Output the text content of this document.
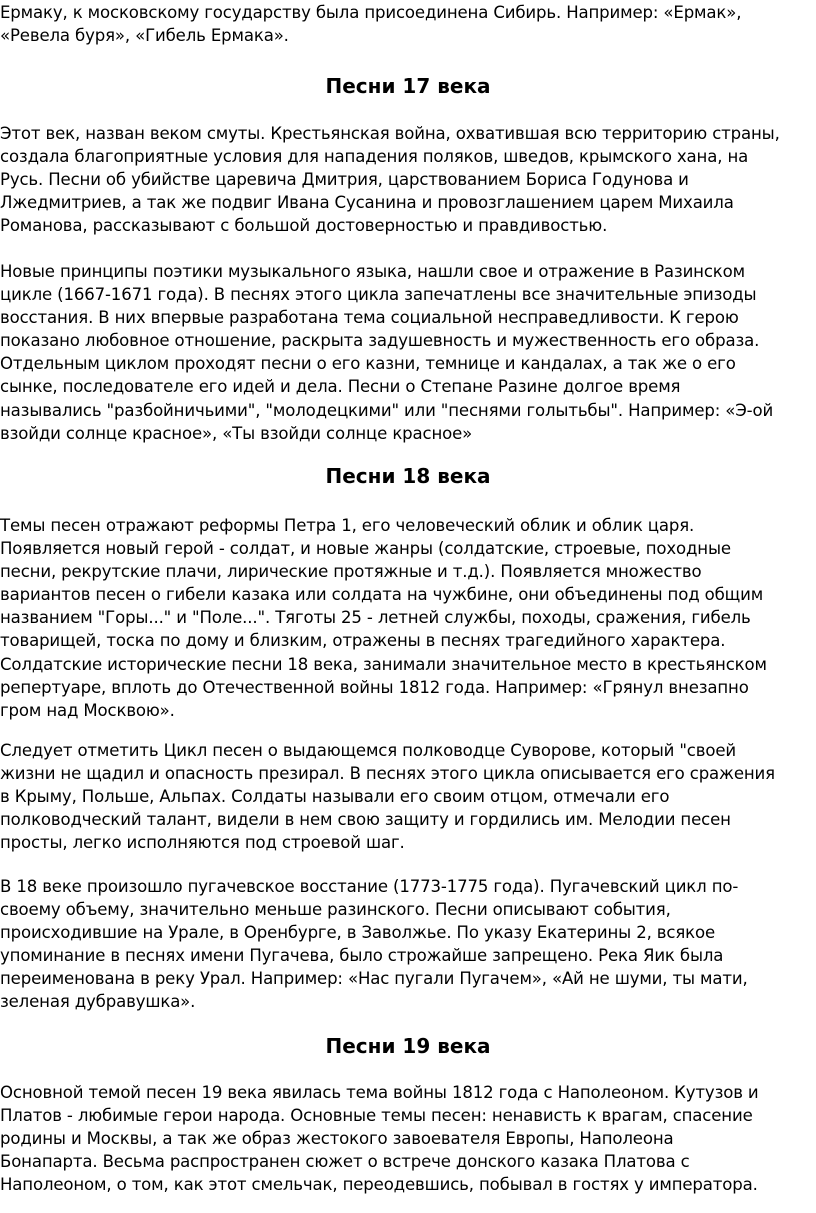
Ермаку, к московскому государству была присоединена Сибирь. Например: «Ермак»,
«Ревела буря», «Гибель Ермака».
Песни 17 века
Этот век, назван веком смуты. Крестьянская война, охватившая всю территорию страны,
создала благоприятные условия для нападения поляков, шведов, крымского хана, на
Русь. Песни об убийстве царевича Дмитрия, царствованием Бориса Годунова и
Лжедмитриев, а так же подвиг Ивана Сусанина и провозглашением царем Михаила
Романова, рассказывают с большой достоверностью и правдивостью.
Новые принципы поэтики музыкального языка, нашли свое и отражение в Разинском
цикле (1667-1671 года). В песнях этого цикла запечатлены все значительные эпизоды
восстания. В них впервые разработана тема социальной несправедливости. К герою
показано любовное отношение, раскрыта задушевность и мужественность его образа.
Отдельным циклом проходят песни о его казни, темнице и кандалах, а так же о его
сынке, последователе его идей и дела. Песни о Степане Разине долгое время
назывались "разбойничьими", "молодецкими" или "песнями голытьбы". Например: «Э-ой
взойди солнце красное», «Ты взойди солнце красное»
Песни 18 века
Темы песен отражают реформы Петра 1, его человеческий облик и облик царя.
Появляется новый герой - солдат, и новые жанры (солдатские, строевые, походные
песни, рекрутские плачи, лирические протяжные и т.д.). Появляется множество
вариантов песен о гибели казака или солдата на чужбине, они объединены под общим
названием "Горы..." и "Поле...". Тяготы 25 - летней службы, походы, сражения, гибель
товарищей, тоска по дому и близким, отражены в песнях трагедийного характера.
Солдатские исторические песни 18 века, занимали значительное место в крестьянском
репертуаре, вплоть до Отечественной войны 1812 года. Например: «Грянул внезапно
гром над Москвою».
Следует отметить Цикл песен о выдающемся полководце Суворове, который "своей
жизни не щадил и опасность презирал. В песнях этого цикла описывается его сражения
в Крыму, Польше, Альпах. Солдаты называли его своим отцом, отмечали его
полководческий талант, видели в нем свою защиту и гордились им. Мелодии песен
просты, легко исполняются под строевой шаг.
В 18 веке произошло пугачевское восстание (1773-1775 года). Пугачевский цикл по-
своему объему, значительно меньше разинского. Песни описывают события,
происходившие на Урале, в Оренбурге, в Заволжье. По указу Екатерины 2, всякое
упоминание в песнях имени Пугачева, было строжайше запрещено. Река Яик была
переименована в реку Урал. Например: «Нас пугали Пугачем», «Ай не шуми, ты мати,
зеленая дубравушка».
Песни 19 века
Основной темой песен 19 века явилась тема войны 1812 года с Наполеоном. Кутузов и
Платов - любимые герои народа. Основные темы песен: ненависть к врагам, спасение
родины и Москвы, а так же образ жестокого завоевателя Европы, Наполеона
Бонапарта. Весьма распространен сюжет о встрече донского казака Платова с
Наполеоном, о том, как этот смельчак, переодевшись, побывал в гостях у императора.
